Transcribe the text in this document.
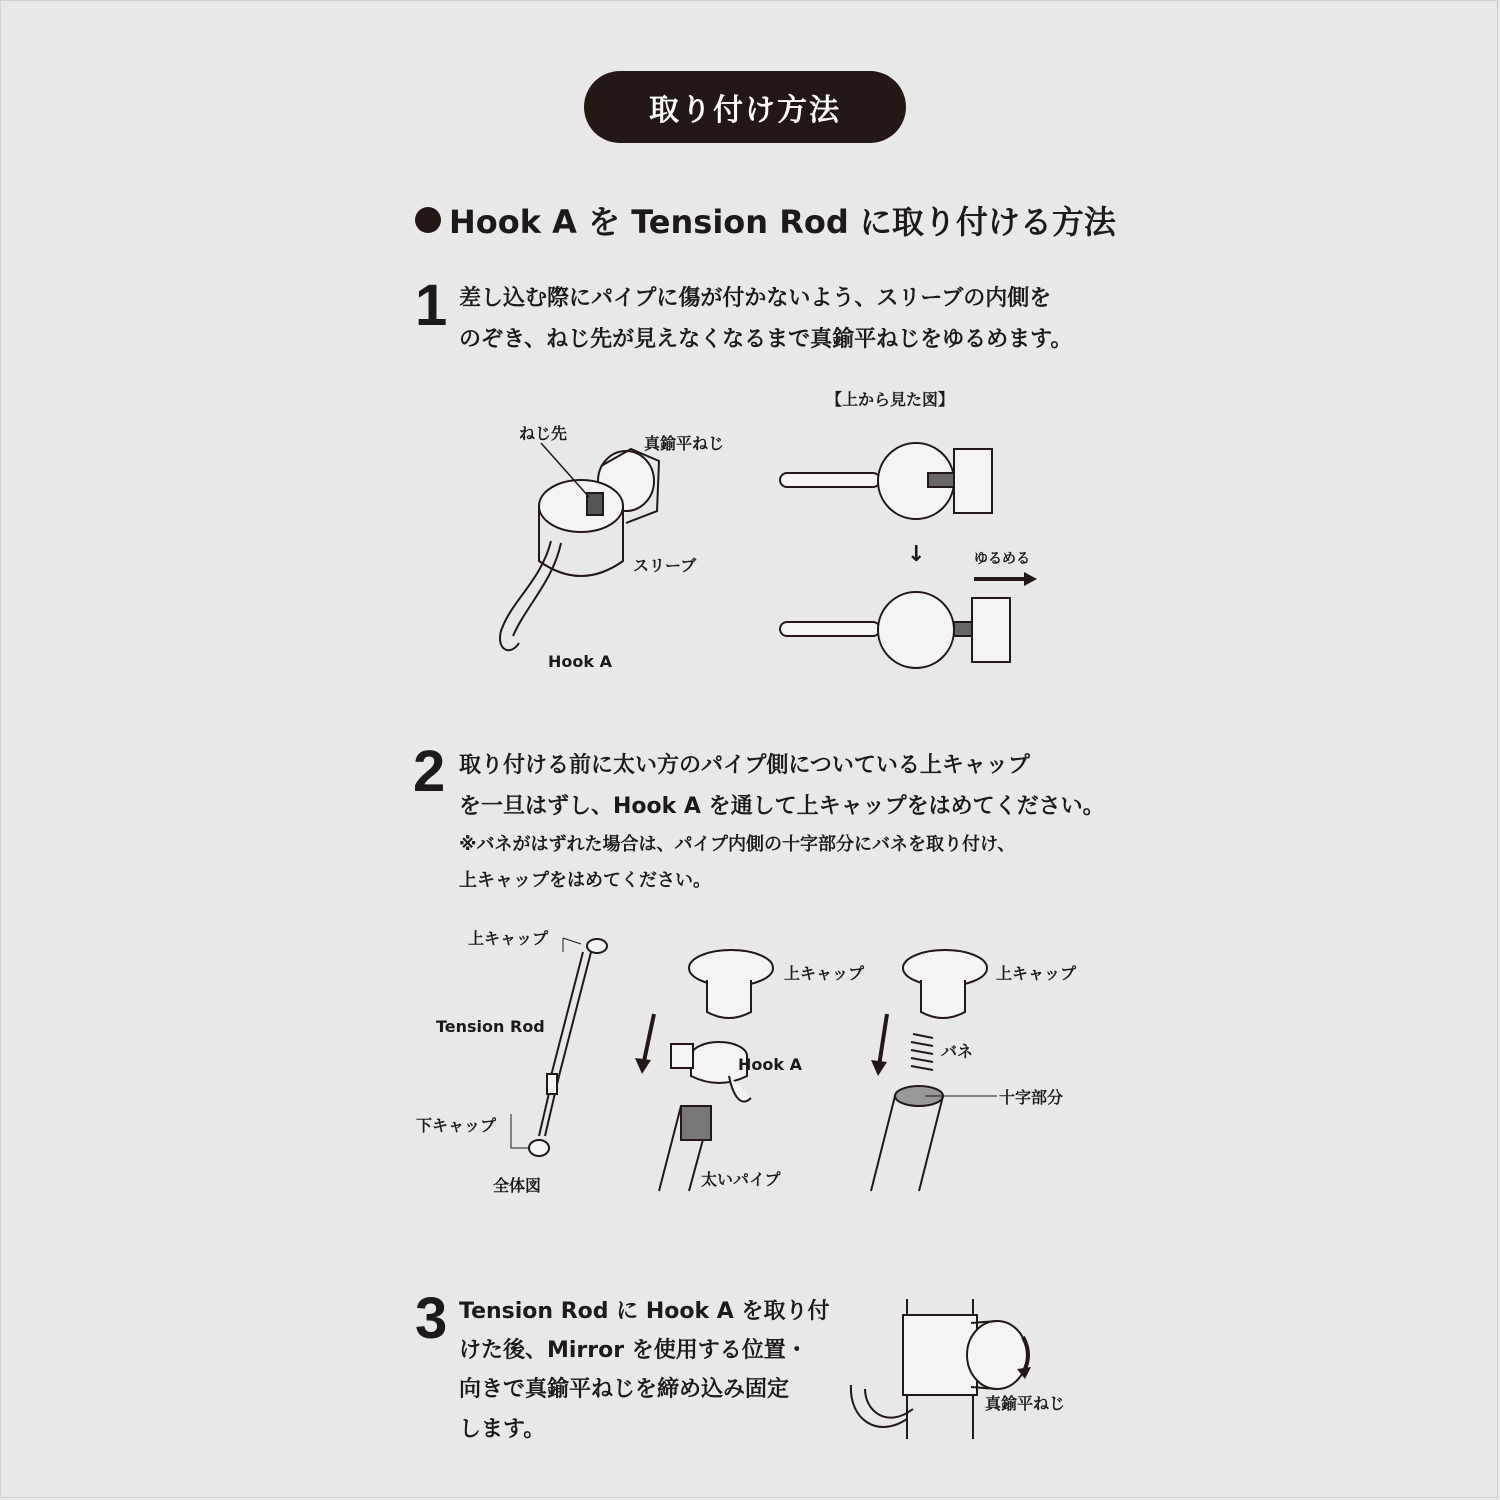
取り付け方法
Hook A を Tension Rod に取り付ける方法
1 差し込む際にパイプに傷が付かないよう、スリーブの内側を
のぞき、ねじ先が見えなくなるまで真鍮平ねじをゆるめます。
ねじ先
真鍮平ねじ
スリーブ
Hook A
【上から見た図】
↓	ゆるめる
2 取り付ける前に太い方のパイプ側についている上キャップ
を一旦はずし、Hook A を通して上キャップをはめてください。
※バネがはずれた場合は、パイプ内側の十字部分にバネを取り付け、
上キャップをはめてください。
上キャップ
Tension Rod
下キャップ
全体図
上キャップ
Hook A
太いパイプ
上キャップ
バネ
十字部分
3 Tension Rod に Hook A を取り付
けた後、Mirror を使用する位置・
向きで真鍮平ねじを締め込み固定
します。
真鍮平ねじ
